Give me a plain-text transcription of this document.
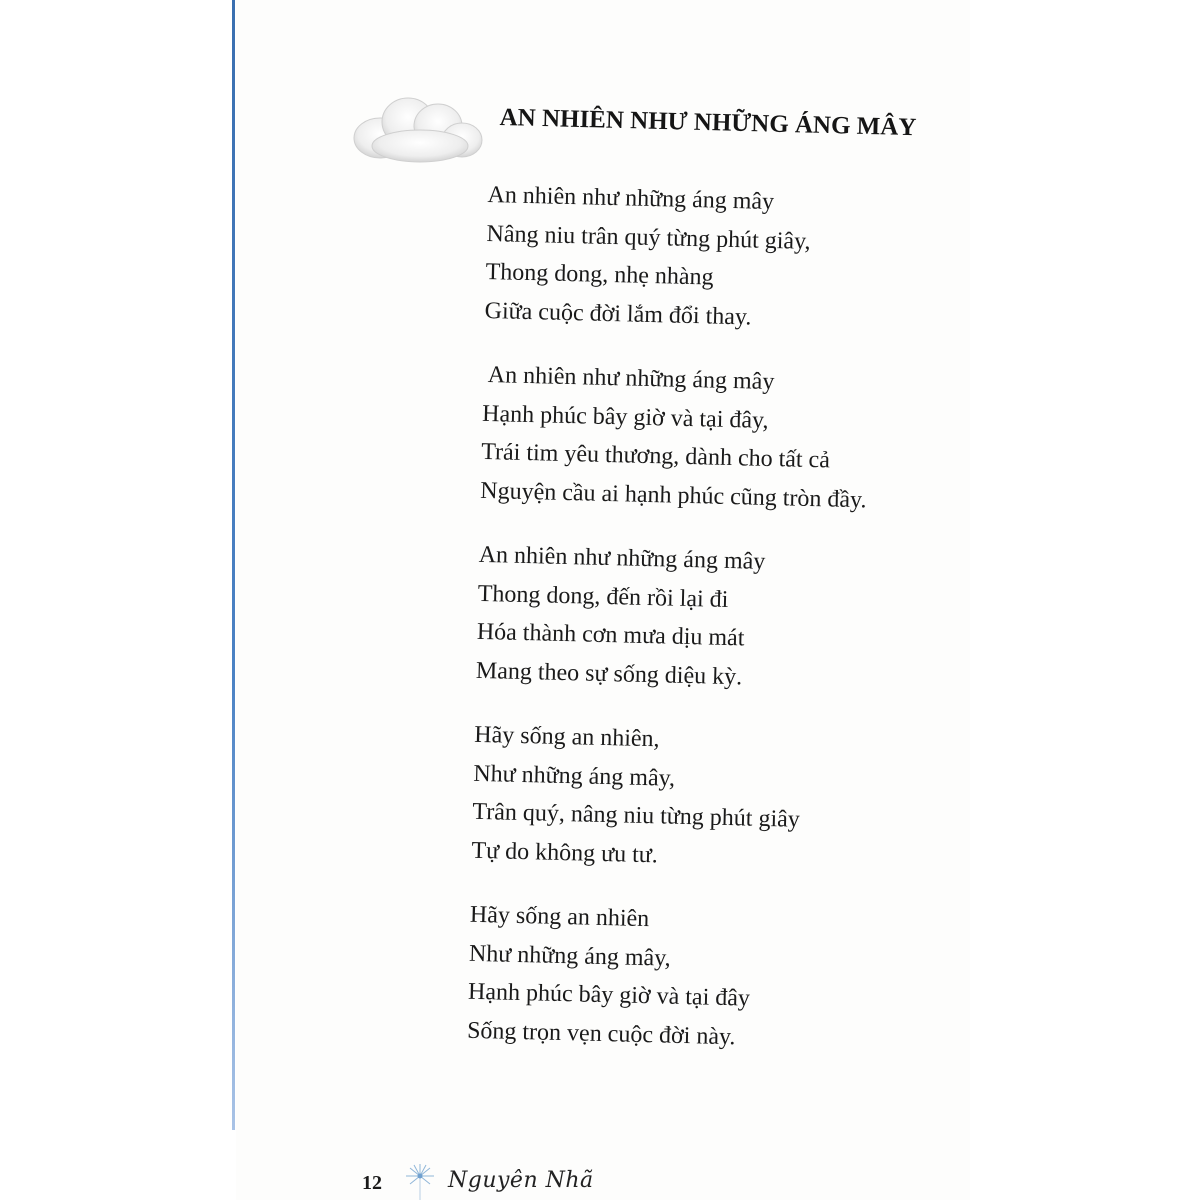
AN NHIÊN NHƯ NHỮNG ÁNG MÂY
An nhiên như những áng mây
Nâng niu trân quý từng phút giây,
Thong dong, nhẹ nhàng
Giữa cuộc đời lắm đổi thay.
An nhiên như những áng mây
Hạnh phúc bây giờ và tại đây,
Trái tim yêu thương, dành cho tất cả
Nguyện cầu ai hạnh phúc cũng tròn đầy.
An nhiên như những áng mây
Thong dong, đến rồi lại đi
Hóa thành cơn mưa dịu mát
Mang theo sự sống diệu kỳ.
Hãy sống an nhiên,
Như những áng mây,
Trân quý, nâng niu từng phút giây
Tự do không ưu tư.
Hãy sống an nhiên
Như những áng mây,
Hạnh phúc bây giờ và tại đây
Sống trọn vẹn cuộc đời này.
12	Nguyên Nhã
